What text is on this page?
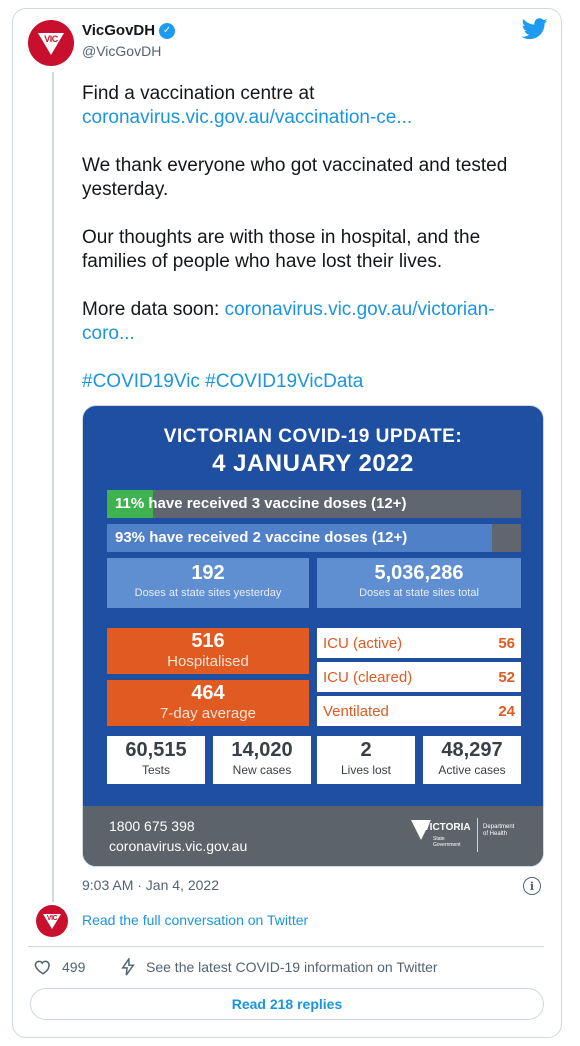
VIC VicGovDH ✓
@VicGovDH

Find a vaccination centre at
coronavirus.vic.gov.au/vaccination-ce...

We thank everyone who got vaccinated and tested yesterday.

Our thoughts are with those in hospital, and the families of people who have lost their lives.

More data soon: coronavirus.vic.gov.au/victorian-coro...

#COVID19Vic #COVID19VicData

VICTORIAN COVID-19 UPDATE:
4 JANUARY 2022
11% have received 3 vaccine doses (12+)
93% have received 2 vaccine doses (12+)
192
Doses at state sites yesterday
5,036,286
Doses at state sites total
516
Hospitalised
464
7-day average
ICU (active)	56
ICU (cleared)	52
Ventilated	24
60,515
Tests
14,020
New cases
2
Lives lost
48,297
Active cases
1800 675 398
coronavirus.vic.gov.au
VICTORIA
State Government
Department
of Health
9:03 AM · Jan 4, 2022	i
VIC Read the full conversation on Twitter
499	See the latest COVID-19 information on Twitter
Read 218 replies
